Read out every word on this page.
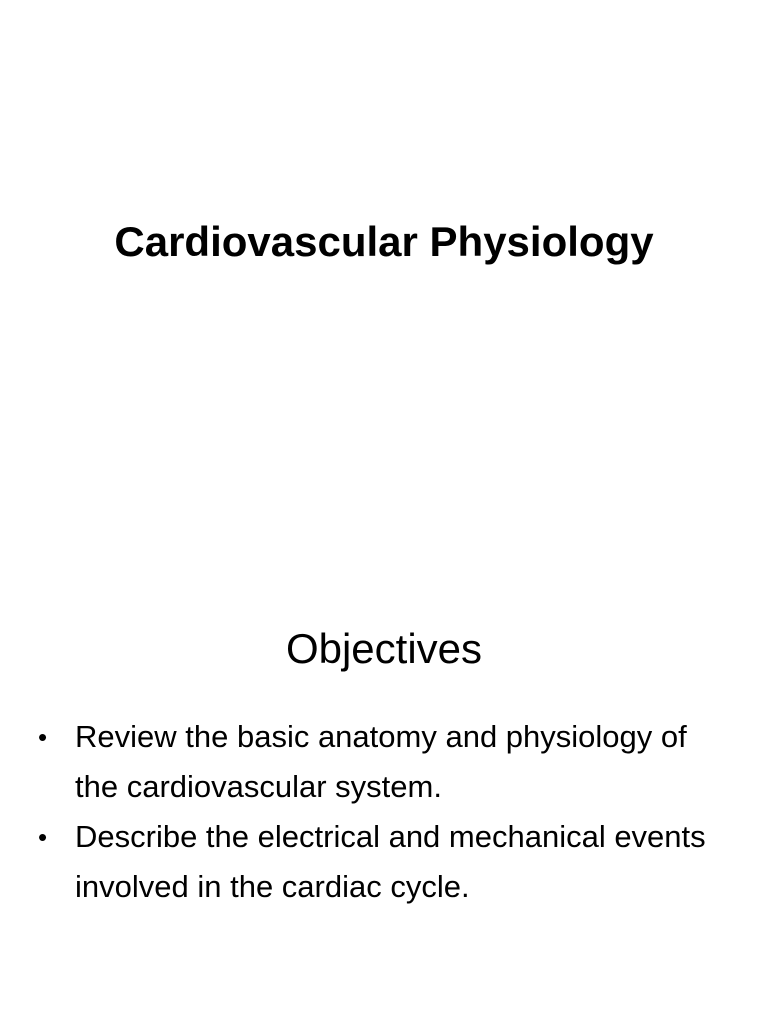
Cardiovascular Physiology
Objectives
• Review the basic anatomy and physiology of the cardiovascular system.
• Describe the electrical and mechanical events involved in the cardiac cycle.
